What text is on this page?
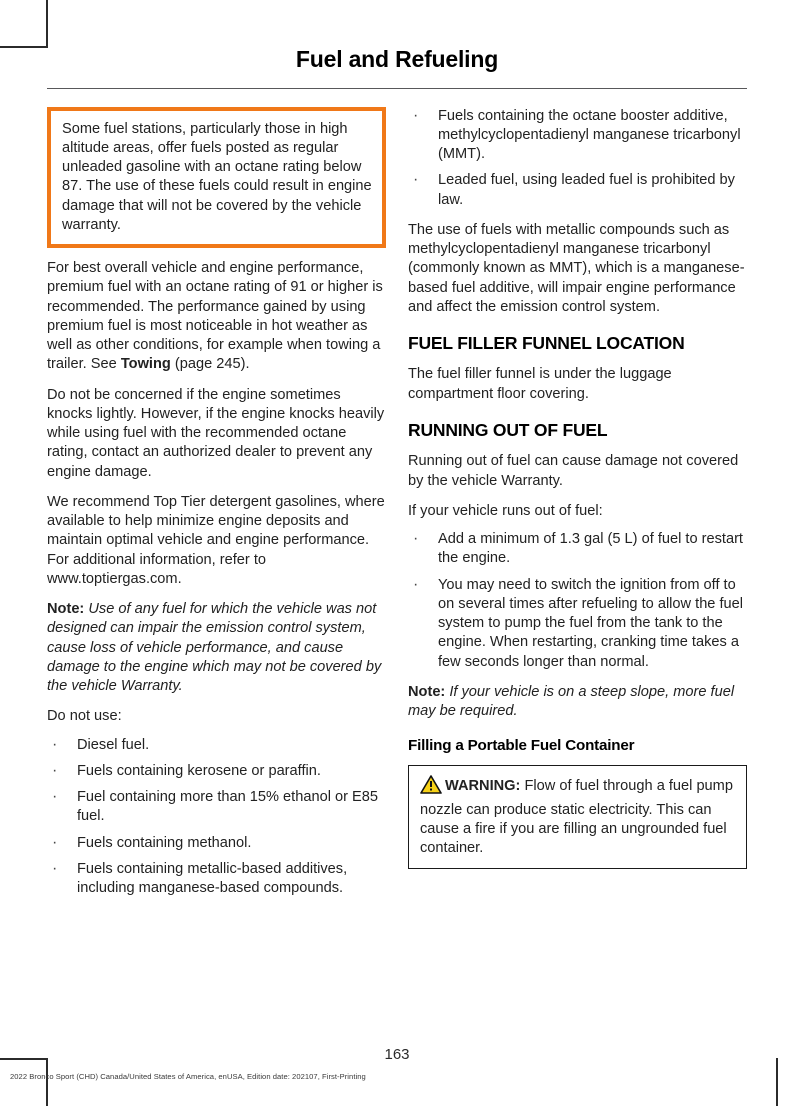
Fuel and Refueling

Some fuel stations, particularly those in high altitude areas, offer fuels posted as regular unleaded gasoline with an octane rating below 87. The use of these fuels could result in engine damage that will not be covered by the vehicle warranty.

For best overall vehicle and engine performance, premium fuel with an octane rating of 91 or higher is recommended. The performance gained by using premium fuel is most noticeable in hot weather as well as other conditions, for example when towing a trailer. See Towing (page 245).

Do not be concerned if the engine sometimes knocks lightly. However, if the engine knocks heavily while using fuel with the recommended octane rating, contact an authorized dealer to prevent any engine damage.

We recommend Top Tier detergent gasolines, where available to help minimize engine deposits and maintain optimal vehicle and engine performance. For additional information, refer to www.toptiergas.com.

Note: Use of any fuel for which the vehicle was not designed can impair the emission control system, cause loss of vehicle performance, and cause damage to the engine which may not be covered by the vehicle Warranty.

Do not use:

· Diesel fuel.
· Fuels containing kerosene or paraffin.
· Fuel containing more than 15% ethanol or E85 fuel.
· Fuels containing methanol.
· Fuels containing metallic-based additives, including manganese-based compounds.
· Fuels containing the octane booster additive, methylcyclopentadienyl manganese tricarbonyl (MMT).
· Leaded fuel, using leaded fuel is prohibited by law.

The use of fuels with metallic compounds such as methylcyclopentadienyl manganese tricarbonyl (commonly known as MMT), which is a manganese-based fuel additive, will impair engine performance and affect the emission control system.

FUEL FILLER FUNNEL LOCATION

The fuel filler funnel is under the luggage compartment floor covering.

RUNNING OUT OF FUEL

Running out of fuel can cause damage not covered by the vehicle Warranty.

If your vehicle runs out of fuel:

· Add a minimum of 1.3 gal (5 L) of fuel to restart the engine.
· You may need to switch the ignition from off to on several times after refueling to allow the fuel system to pump the fuel from the tank to the engine. When restarting, cranking time takes a few seconds longer than normal.

Note: If your vehicle is on a steep slope, more fuel may be required.

Filling a Portable Fuel Container

WARNING: Flow of fuel through a fuel pump nozzle can produce static electricity. This can cause a fire if you are filling an ungrounded fuel container.

163
2022 Bronco Sport (CHD) Canada/United States of America, enUSA, Edition date: 202107, First-Printing
